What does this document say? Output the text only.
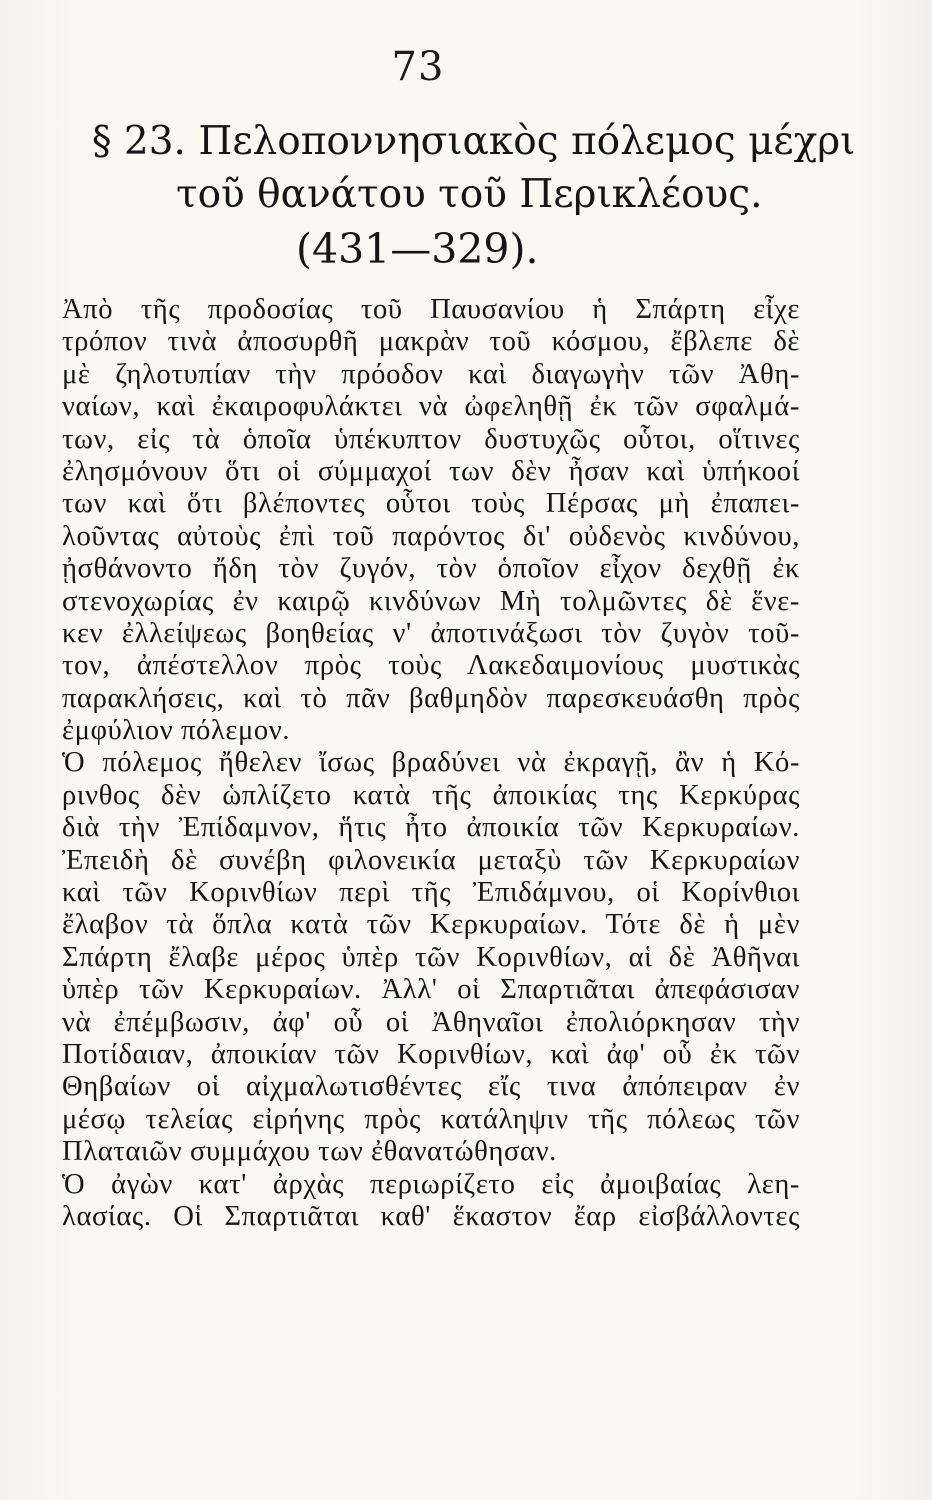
73
§ 23. Πελοποννησιακὸς πόλεμος μέχρι
τοῦ θανάτου τοῦ Περικλέους.
(431—329).
Ἀπὸ τῆς προδοσίας τοῦ Παυσανίου ἡ Σπάρτη εἶχε
τρόπον τινὰ ἀποσυρθῆ μακρὰν τοῦ κόσμου, ἔβλεπε δὲ
μὲ ζηλοτυπίαν τὴν πρόοδον καὶ διαγωγὴν τῶν Ἀθη-
ναίων, καὶ ἐκαιροφυλάκτει νὰ ὠφεληθῇ ἐκ τῶν σφαλμά-
των, εἰς τὰ ὁποῖα ὑπέκυπτον δυστυχῶς οὗτοι, οἵτινες
ἐλησμόνουν ὅτι οἱ σύμμαχοί των δὲν ἦσαν καὶ ὑπήκοοί
των καὶ ὅτι βλέποντες οὗτοι τοὺς Πέρσας μὴ ἐπαπει-
λοῦντας αὐτοὺς ἐπὶ τοῦ παρόντος δι' οὐδενὸς κινδύνου,
ᾐσθάνοντο ἤδη τὸν ζυγόν, τὸν ὁποῖον εἶχον δεχθῇ ἐκ
στενοχωρίας ἐν καιρῷ κινδύνων Μὴ τολμῶντες δὲ ἕνε-
κεν ἐλλείψεως βοηθείας ν' ἀποτινάξωσι τὸν ζυγὸν τοῦ-
τον, ἀπέστελλον πρὸς τοὺς Λακεδαιμονίους μυστικὰς
παρακλήσεις, καὶ τὸ πᾶν βαθμηδὸν παρεσκευάσθη πρὸς
ἐμφύλιον πόλεμον.
Ὁ πόλεμος ἤθελεν ἴσως βραδύνει νὰ ἐκραγῇ, ἂν ἡ Κό-
ρινθος δὲν ὡπλίζετο κατὰ τῆς ἀποικίας της Κερκύρας
διὰ τὴν Ἐπίδαμνον, ἥτις ἦτο ἀποικία τῶν Κερκυραίων.
Ἐπειδὴ δὲ συνέβη φιλονεικία μεταξὺ τῶν Κερκυραίων
καὶ τῶν Κορινθίων περὶ τῆς Ἐπιδάμνου, οἱ Κορίνθιοι
ἔλαβον τὰ ὅπλα κατὰ τῶν Κερκυραίων. Τότε δὲ ἡ μὲν
Σπάρτη ἔλαβε μέρος ὑπὲρ τῶν Κορινθίων, αἱ δὲ Ἀθῆναι
ὑπὲρ τῶν Κερκυραίων. Ἀλλ' οἱ Σπαρτιᾶται ἀπεφάσισαν
νὰ ἐπέμβωσιν, ἀφ' οὗ οἱ Ἀθηναῖοι ἐπολιόρκησαν τὴν
Ποτίδαιαν, ἀποικίαν τῶν Κορινθίων, καὶ ἀφ' οὗ ἐκ τῶν
Θηβαίων οἱ αἰχμαλωτισθέντες εἴς τινα ἀπόπειραν ἐν
μέσῳ τελείας εἰρήνης πρὸς κατάληψιν τῆς πόλεως τῶν
Πλαταιῶν συμμάχου των ἐθανατώθησαν.
Ὁ ἀγὼν κατ' ἀρχὰς περιωρίζετο εἰς ἀμοιβαίας λεη-
λασίας. Οἱ Σπαρτιᾶται καθ' ἕκαστον ἔαρ εἰσβάλλοντες
